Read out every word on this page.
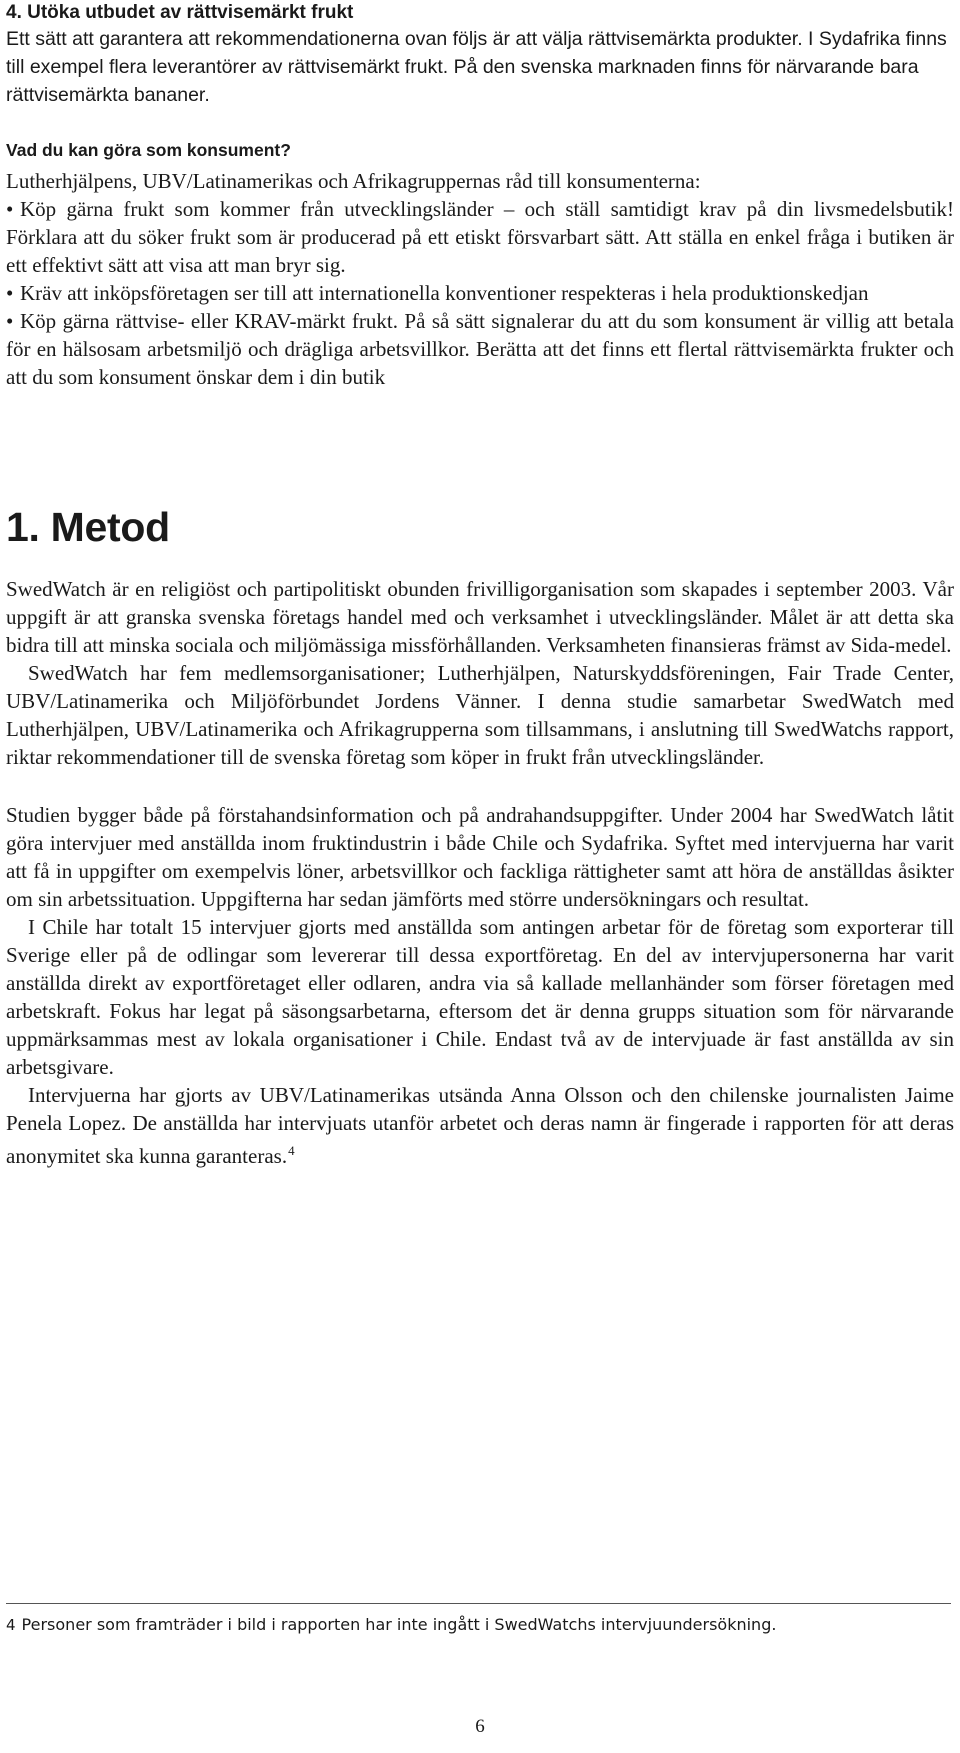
4. Utöka utbudet av rättvisemärkt frukt

Ett sätt att garantera att rekommendationerna ovan följs är att välja rättvisemärkta produkter. I Sydafrika finns till exempel flera leverantörer av rättvisemärkt frukt. På den svenska marknaden finns för närvarande bara rättvisemärkta bananer.

Vad du kan göra som konsument?

Lutherhjälpens, UBV/Latinamerikas och Afrikagruppernas råd till konsumenterna:

• Köp gärna frukt som kommer från utvecklingsländer – och ställ samtidigt krav på din livsmedelsbutik! Förklara att du söker frukt som är producerad på ett etiskt försvarbart sätt. Att ställa en enkel fråga i butiken är ett effektivt sätt att visa att man bryr sig.

• Kräv att inköpsföretagen ser till att internationella konventioner respekteras i hela produktionskedjan

• Köp gärna rättvise- eller KRAV-märkt frukt. På så sätt signalerar du att du som konsument är villig att betala för en hälsosam arbetsmiljö och drägliga arbetsvillkor. Berätta att det finns ett flertal rättvisemärkta frukter och att du som konsument önskar dem i din butik

1. Metod

SwedWatch är en religiöst och partipolitiskt obunden frivilligorganisation som skapades i september 2003. Vår uppgift är att granska svenska företags handel med och verksamhet i utvecklingsländer. Målet är att detta ska bidra till att minska sociala och miljömässiga missförhållanden. Verksamheten finansieras främst av Sida-medel.

SwedWatch har fem medlemsorganisationer; Lutherhjälpen, Naturskyddsföreningen, Fair Trade Center, UBV/Latinamerika och Miljöförbundet Jordens Vänner. I denna studie samarbetar SwedWatch med Lutherhjälpen, UBV/Latinamerika och Afrikagrupperna som tillsammans, i anslutning till SwedWatchs rapport, riktar rekommendationer till de svenska företag som köper in frukt från utvecklingsländer.

Studien bygger både på förstahandsinformation och på andrahandsuppgifter. Under 2004 har SwedWatch låtit göra intervjuer med anställda inom fruktindustrin i både Chile och Sydafrika. Syftet med intervjuerna har varit att få in uppgifter om exempelvis löner, arbetsvillkor och fackliga rättigheter samt att höra de anställdas åsikter om sin arbetssituation. Uppgifterna har sedan jämförts med större undersökningars och resultat.

I Chile har totalt 15 intervjuer gjorts med anställda som antingen arbetar för de företag som exporterar till Sverige eller på de odlingar som levererar till dessa exportföretag. En del av intervjupersonerna har varit anställda direkt av exportföretaget eller odlaren, andra via så kallade mellanhänder som förser företagen med arbetskraft. Fokus har legat på säsongsarbetarna, eftersom det är denna grupps situation som för närvarande uppmärksammas mest av lokala organisationer i Chile. Endast två av de intervjuade är fast anställda av sin arbetsgivare.

Intervjuerna har gjorts av UBV/Latinamerikas utsända Anna Olsson och den chilenske journalisten Jaime Penela Lopez. De anställda har intervjuats utanför arbetet och deras namn är fingerade i rapporten för att deras anonymitet ska kunna garanteras.$^4$

4 Personer som framträder i bild i rapporten har inte ingått i SwedWatchs intervjuundersökning.
6
